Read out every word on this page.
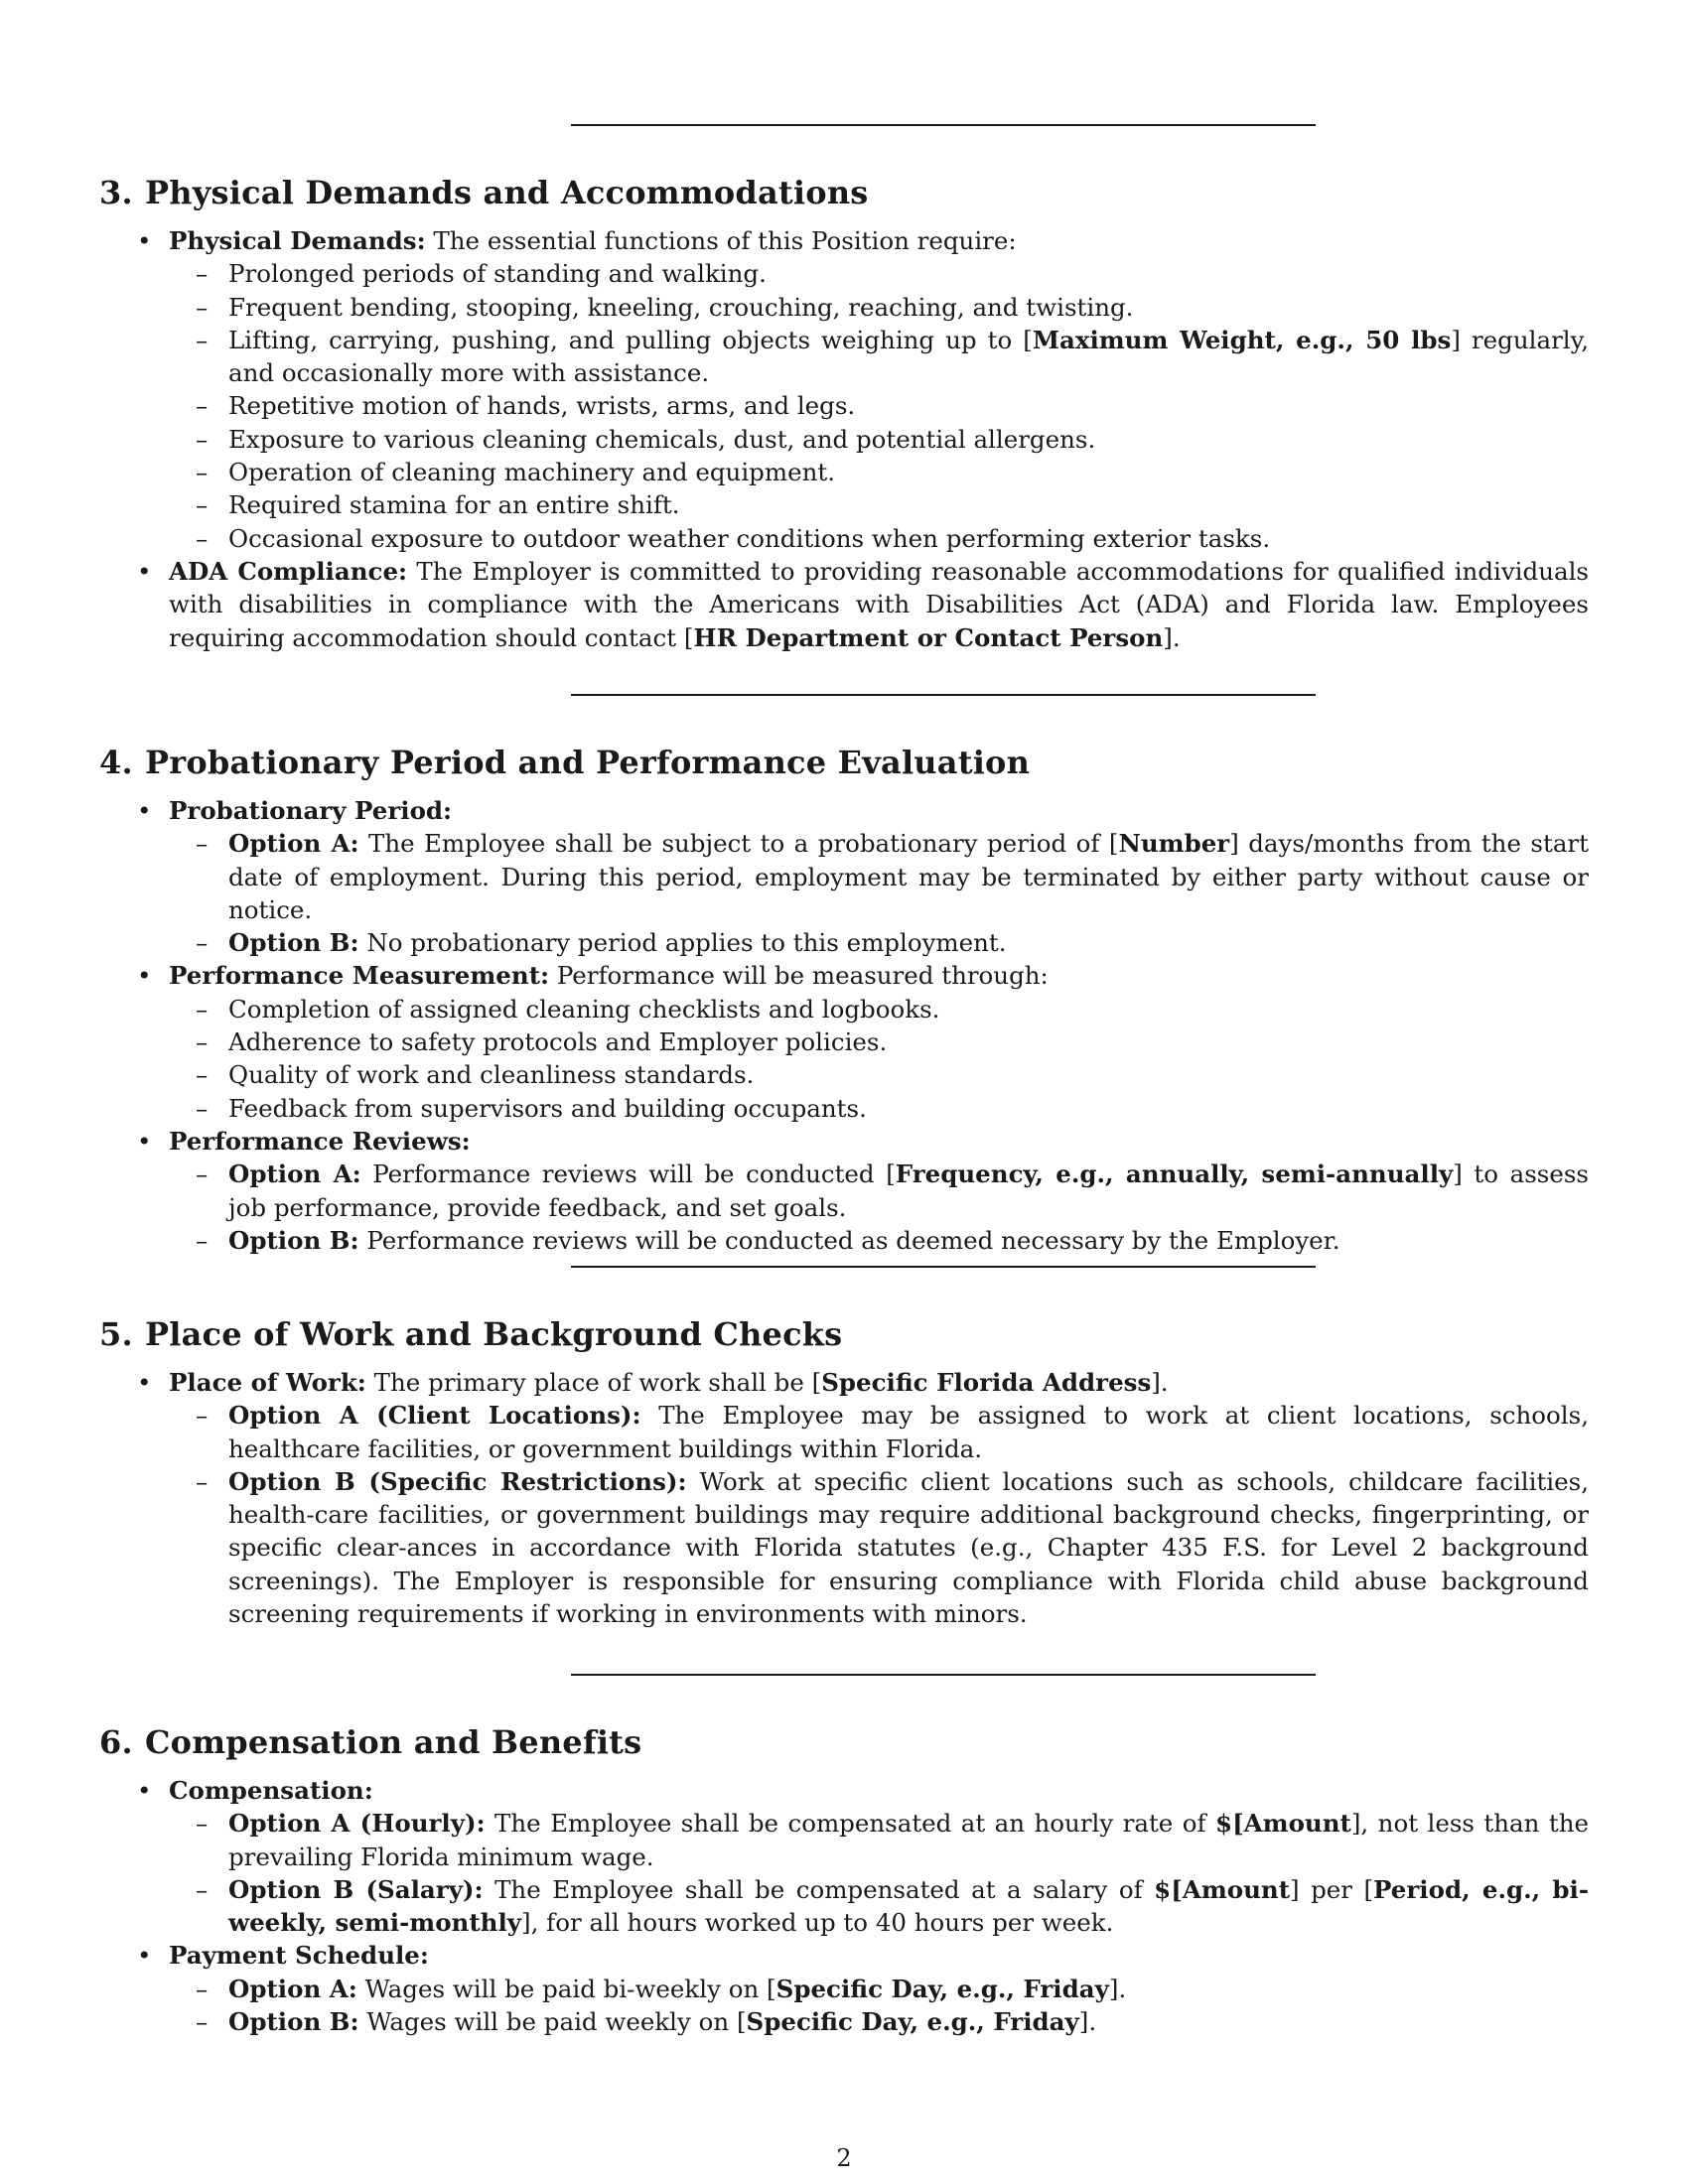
3. Physical Demands and Accommodations
• Physical Demands: The essential functions of this Position require:
– Prolonged periods of standing and walking.
– Frequent bending, stooping, kneeling, crouching, reaching, and twisting.
– Lifting, carrying, pushing, and pulling objects weighing up to [Maximum Weight, e.g., 50 lbs] regularly, and occasionally more with assistance.
– Repetitive motion of hands, wrists, arms, and legs.
– Exposure to various cleaning chemicals, dust, and potential allergens.
– Operation of cleaning machinery and equipment.
– Required stamina for an entire shift.
– Occasional exposure to outdoor weather conditions when performing exterior tasks.
• ADA Compliance: The Employer is committed to providing reasonable accommodations for qualified individuals with disabilities in compliance with the Americans with Disabilities Act (ADA) and Florida law. Employees requiring accommodation should contact [HR Department or Contact Person].
4. Probationary Period and Performance Evaluation
• Probationary Period:
– Option A: The Employee shall be subject to a probationary period of [Number] days/months from the start date of employment. During this period, employment may be terminated by either party without cause or notice.
– Option B: No probationary period applies to this employment.
• Performance Measurement: Performance will be measured through:
– Completion of assigned cleaning checklists and logbooks.
– Adherence to safety protocols and Employer policies.
– Quality of work and cleanliness standards.
– Feedback from supervisors and building occupants.
• Performance Reviews:
– Option A: Performance reviews will be conducted [Frequency, e.g., annually, semi-annually] to assess job performance, provide feedback, and set goals.
– Option B: Performance reviews will be conducted as deemed necessary by the Employer.
5. Place of Work and Background Checks
• Place of Work: The primary place of work shall be [Specific Florida Address].
– Option A (Client Locations): The Employee may be assigned to work at client locations, schools, healthcare facilities, or government buildings within Florida.
– Option B (Specific Restrictions): Work at specific client locations such as schools, childcare facilities, health-care facilities, or government buildings may require additional background checks, fingerprinting, or specific clear-ances in accordance with Florida statutes (e.g., Chapter 435 F.S. for Level 2 background screenings). The Employer is responsible for ensuring compliance with Florida child abuse background screening requirements if working in environments with minors.
6. Compensation and Benefits
• Compensation:
– Option A (Hourly): The Employee shall be compensated at an hourly rate of $[Amount], not less than the prevailing Florida minimum wage.
– Option B (Salary): The Employee shall be compensated at a salary of $[Amount] per [Period, e.g., bi-weekly, semi-monthly], for all hours worked up to 40 hours per week.
• Payment Schedule:
– Option A: Wages will be paid bi-weekly on [Specific Day, e.g., Friday].
– Option B: Wages will be paid weekly on [Specific Day, e.g., Friday].
2
